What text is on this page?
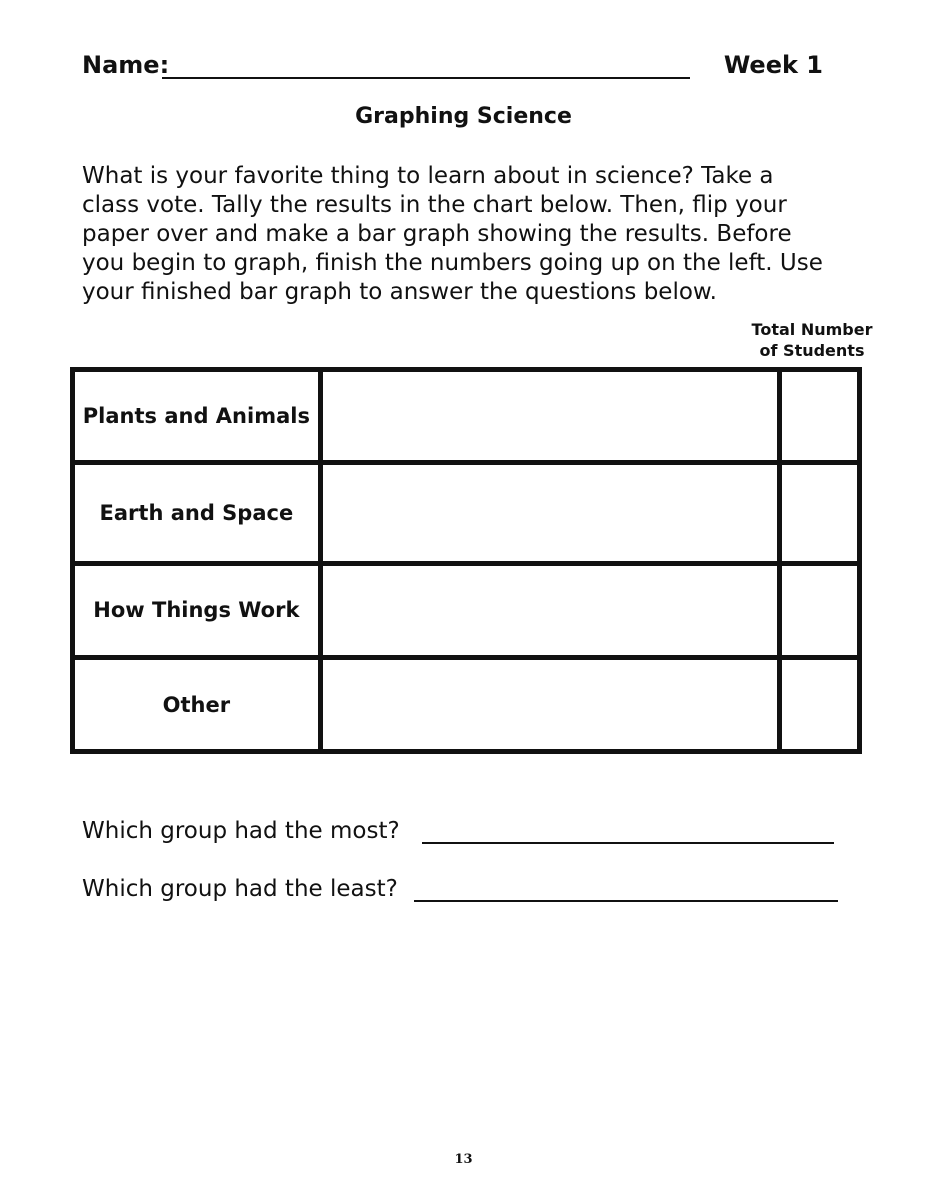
Name:	Week 1
Graphing Science
What is your favorite thing to learn about in science? Take a
class vote. Tally the results in the chart below. Then, flip your
paper over and make a bar graph showing the results. Before
you begin to graph, finish the numbers going up on the left. Use
your finished bar graph to answer the questions below.
Total Number
of Students
Plants and Animals		
Earth and Space		
How Things Work		
Other		
Which group had the most?
Which group had the least?
13
